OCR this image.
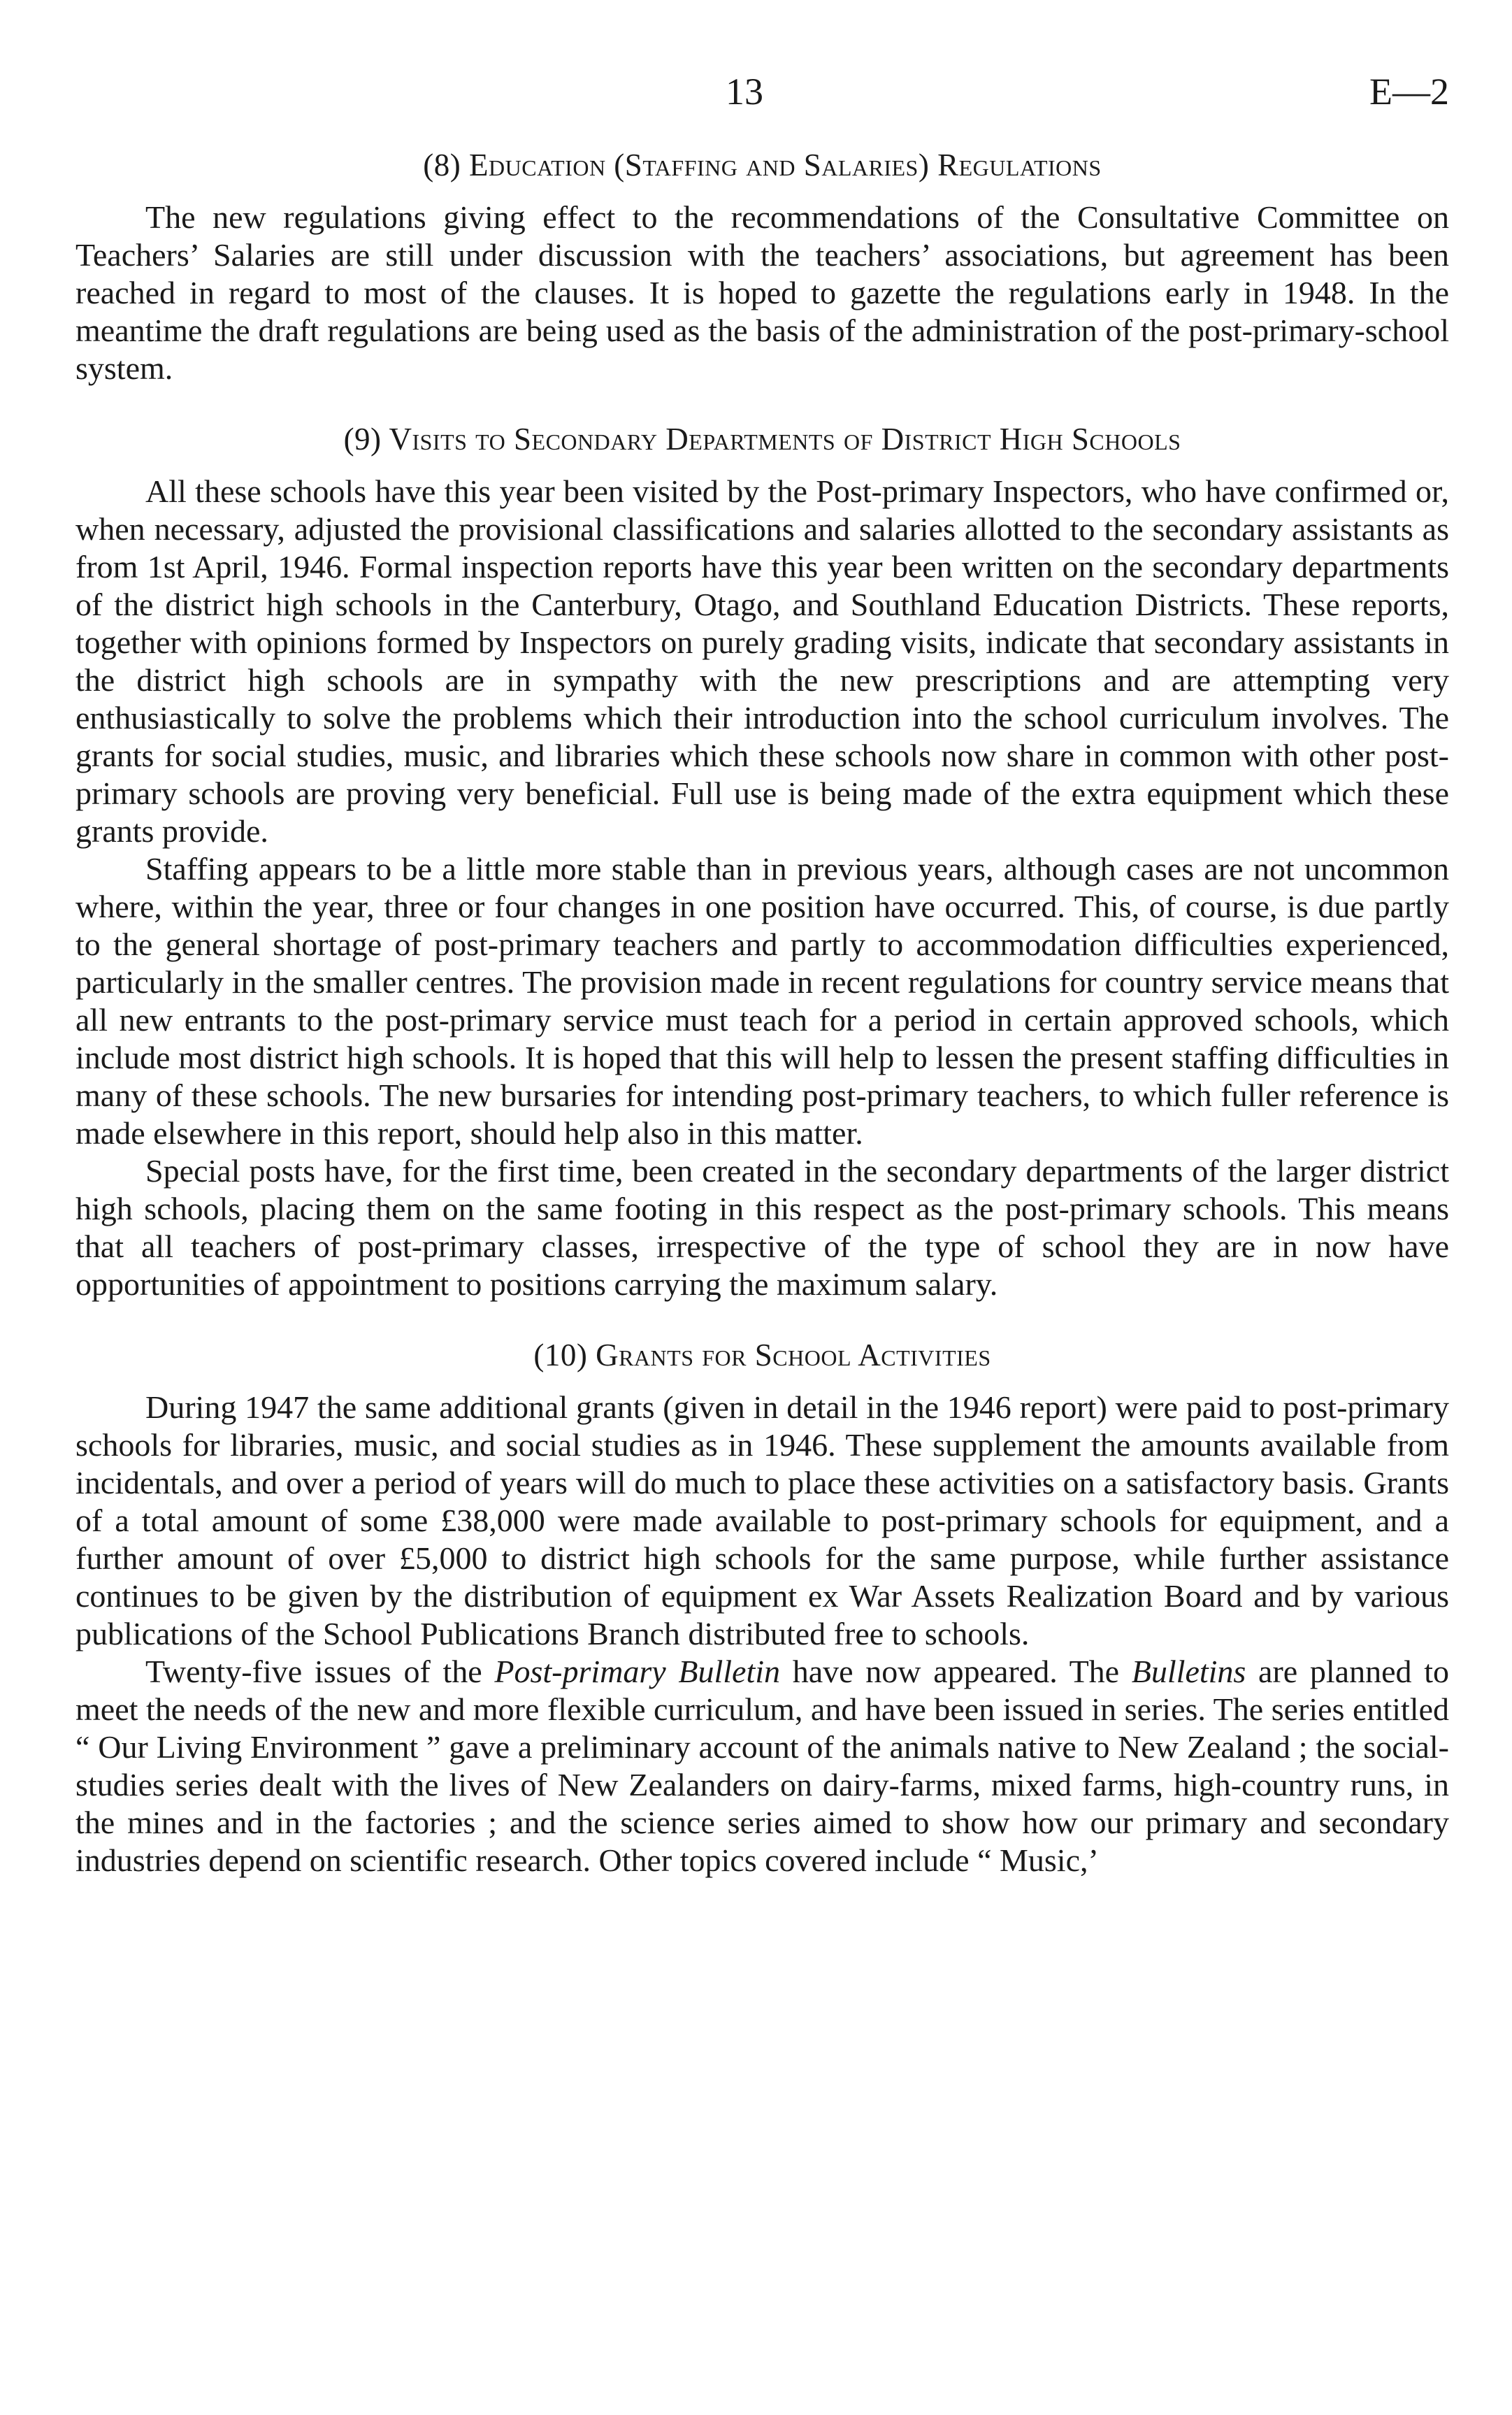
13	E—2
(8) Education (Staffing and Salaries) Regulations

The new regulations giving effect to the recommendations of the Consultative Committee on Teachers’ Salaries are still under discussion with the teachers’ associations, but agreement has been reached in regard to most of the clauses. It is hoped to gazette the regulations early in 1948. In the meantime the draft regulations are being used as the basis of the administration of the post-primary-school system.

(9) Visits to Secondary Departments of District High Schools

All these schools have this year been visited by the Post-primary Inspectors, who have confirmed or, when necessary, adjusted the provisional classifications and salaries allotted to the secondary assistants as from 1st April, 1946. Formal inspection reports have this year been written on the secondary departments of the district high schools in the Canterbury, Otago, and Southland Education Districts. These reports, together with opinions formed by Inspectors on purely grading visits, indicate that secondary assistants in the district high schools are in sympathy with the new prescriptions and are attempting very enthusiastically to solve the problems which their introduction into the school curriculum involves. The grants for social studies, music, and libraries which these schools now share in common with other post-primary schools are proving very beneficial. Full use is being made of the extra equipment which these grants provide.

Staffing appears to be a little more stable than in previous years, although cases are not uncommon where, within the year, three or four changes in one position have occurred. This, of course, is due partly to the general shortage of post-primary teachers and partly to accommodation difficulties experienced, particularly in the smaller centres. The provision made in recent regulations for country service means that all new entrants to the post-primary service must teach for a period in certain approved schools, which include most district high schools. It is hoped that this will help to lessen the present staffing difficulties in many of these schools. The new bursaries for intending post-primary teachers, to which fuller reference is made elsewhere in this report, should help also in this matter.

Special posts have, for the first time, been created in the secondary departments of the larger district high schools, placing them on the same footing in this respect as the post-primary schools. This means that all teachers of post-primary classes, irrespective of the type of school they are in now have opportunities of appointment to positions carrying the maximum salary.

(10) Grants for School Activities

During 1947 the same additional grants (given in detail in the 1946 report) were paid to post-primary schools for libraries, music, and social studies as in 1946. These supplement the amounts available from incidentals, and over a period of years will do much to place these activities on a satisfactory basis. Grants of a total amount of some £38,000 were made available to post-primary schools for equipment, and a further amount of over £5,000 to district high schools for the same purpose, while further assistance continues to be given by the distribution of equipment ex War Assets Realization Board and by various publications of the School Publications Branch distributed free to schools.

Twenty-five issues of the Post-primary Bulletin have now appeared. The Bulletins are planned to meet the needs of the new and more flexible curriculum, and have been issued in series. The series entitled “ Our Living Environment ” gave a preliminary account of the animals native to New Zealand ; the social-studies series dealt with the lives of New Zealanders on dairy-farms, mixed farms, high-country runs, in the mines and in the factories ; and the science series aimed to show how our primary and secondary industries depend on scientific research. Other topics covered include “ Music,’
